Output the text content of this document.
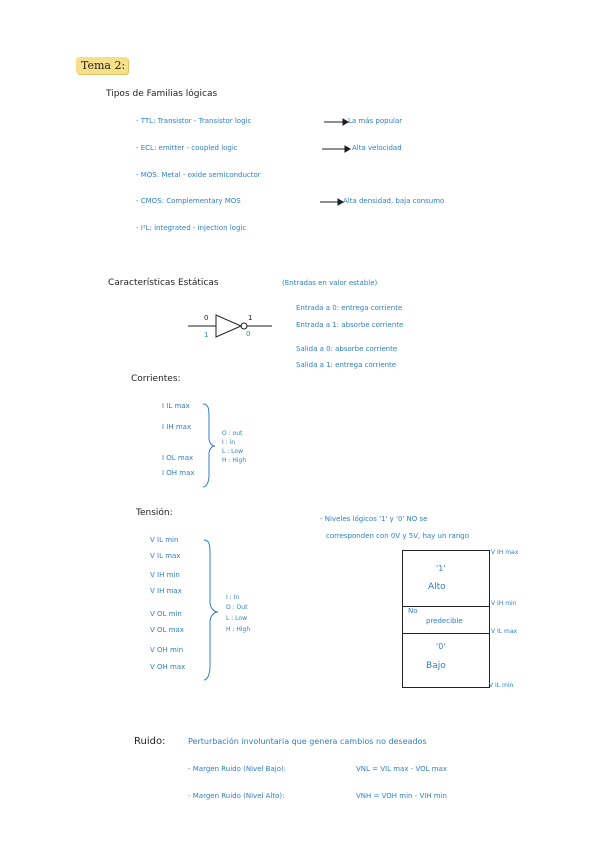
Tema 2:
Tipos de Familias lógicas
- TTL: Transistor - Transistor logic	La más popular
- ECL: emitter - coupled logic	Alta velocidad
- MOS: Metal - oxide semiconductor
- CMOS: Complementary MOS	Alta densidad, baja consumo
- I²L: integrated - injection logic
Características Estáticas	(Entradas en valor estable)
0
1
1
0
Entrada a 0: entrega corriente
Entrada a 1: absorbe corriente
Salida a 0: absorbe corriente
Salida a 1: entrega corriente
Corrientes:
I IL max
I IH max
I OL max
I OH max
O : out
I : in
L : Low
H : High
Tensión:
V IL min
V IL max
V IH min
V IH max
V OL min
V OL max
V OH min
V OH max
I : In
O : Out
L : Low
H : High
- Niveles lógicos '1' y '0' NO se
corresponden con 0V y 5V, hay un rango
'1'
Alto
No
predecible
'0'
Bajo
V IH max
V IH min
V IL max
V IL min
Ruido:	Perturbación involuntaria que genera cambios no deseados
- Margen Ruido (Nivel Bajo):	VNL = VIL max - VOL max
- Margen Ruido (Nivel Alto):	VNH = VOH min - VIH min
